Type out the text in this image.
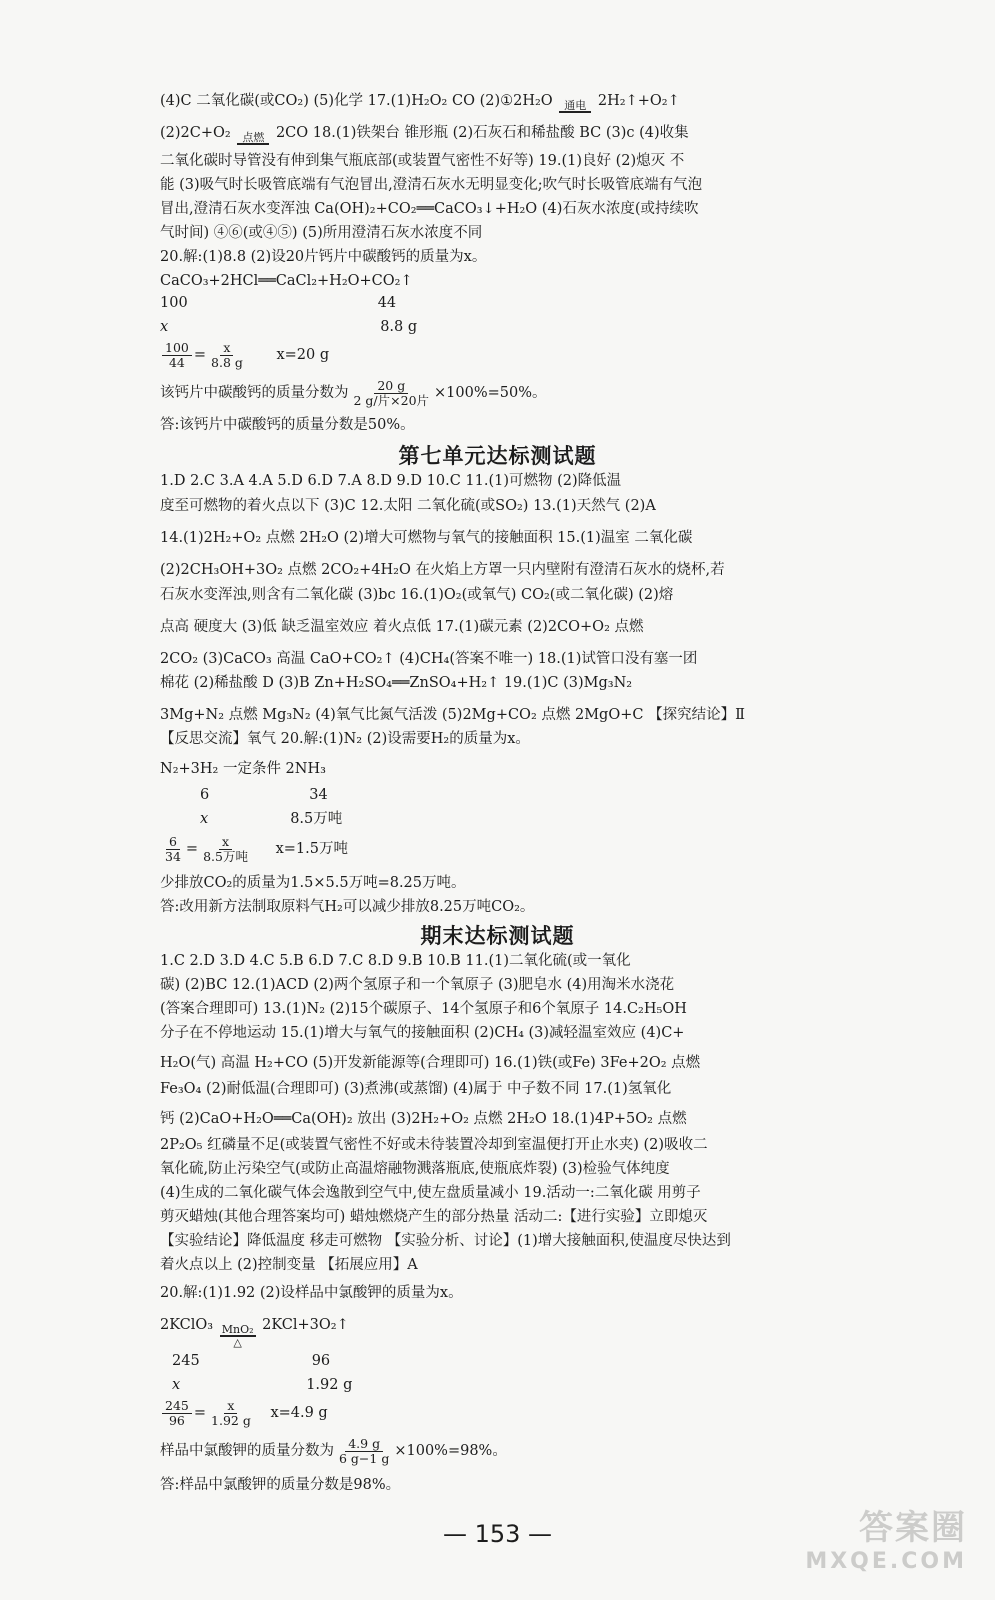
(4)C 二氧化碳(或CO₂) (5)化学 17.(1)H₂O₂ CO (2)①2H₂O 通电 2H₂↑+O₂↑
(2)2C+O₂ 点燃 2CO 18.(1)铁架台 锥形瓶 (2)石灰石和稀盐酸 BC (3)c (4)收集
二氧化碳时导管没有伸到集气瓶底部(或装置气密性不好等) 19.(1)良好 (2)熄灭 不
能 (3)吸气时长吸管底端有气泡冒出,澄清石灰水无明显变化;吹气时长吸管底端有气泡
冒出,澄清石灰水变浑浊 Ca(OH)₂+CO₂══CaCO₃↓+H₂O (4)石灰水浓度(或持续吹
气时间) ④⑥(或④⑤) (5)所用澄清石灰水浓度不同
20.解:(1)8.8 (2)设20片钙片中碳酸钙的质量为x。
CaCO₃+2HCl══CaCl₂+H₂O+CO₂↑
100	44
x	8.8 g
$\frac{100}{44} = \frac{x}{8.8 g} x=20$ g
该钙片中碳酸钙的质量分数为 $\frac{20 g}{\text{2 g/片×20片}} \times 100\%=50\%$。
答:该钙片中碳酸钙的质量分数是50%。
第七单元达标测试题
1.D 2.C 3.A 4.A 5.D 6.D 7.A 8.D 9.D 10.C 11.(1)可燃物 (2)降低温
度至可燃物的着火点以下 (3)C 12.太阳 二氧化硫(或SO₂) 13.(1)天然气 (2)A
14.(1)2H₂+O₂ 点燃 2H₂O (2)增大可燃物与氧气的接触面积 15.(1)温室 二氧化碳
(2)2CH₃OH+3O₂ 点燃 2CO₂+4H₂O 在火焰上方罩一只内壁附有澄清石灰水的烧杯,若
石灰水变浑浊,则含有二氧化碳 (3)bc 16.(1)O₂(或氧气) CO₂(或二氧化碳) (2)熔
点高 硬度大 (3)低 缺乏温室效应 着火点低 17.(1)碳元素 (2)2CO+O₂ 点燃
2CO₂ (3)CaCO₃ 高温 CaO+CO₂↑ (4)CH₄(答案不唯一) 18.(1)试管口没有塞一团
棉花 (2)稀盐酸 D (3)B Zn+H₂SO₄══ZnSO₄+H₂↑ 19.(1)C (3)Mg₃N₂
3Mg+N₂ 点燃 Mg₃N₂ (4)氧气比氮气活泼 (5)2Mg+CO₂ 点燃 2MgO+C 【探究结论】Ⅱ
【反思交流】氧气 20.解:(1)N₂ (2)设需要H₂的质量为x。
N₂+3H₂ 一定条件 2NH₃
6	34
x	8.5万吨
$\frac{6}{34} = \frac{x}{\text{8.5万吨}} x=1.5$万吨
少排放CO₂的质量为1.5×5.5万吨=8.25万吨。
答:改用新方法制取原料气H₂可以减少排放8.25万吨CO₂。
期末达标测试题
1.C 2.D 3.D 4.C 5.B 6.D 7.C 8.D 9.B 10.B 11.(1)二氧化硫(或一氧化
碳) (2)BC 12.(1)ACD (2)两个氢原子和一个氧原子 (3)肥皂水 (4)用淘米水浇花
(答案合理即可) 13.(1)N₂ (2)15个碳原子、14个氢原子和6个氧原子 14.C₂H₅OH
分子在不停地运动 15.(1)增大与氧气的接触面积 (2)CH₄ (3)减轻温室效应 (4)C+
H₂O(气) 高温 H₂+CO (5)开发新能源等(合理即可) 16.(1)铁(或Fe) 3Fe+2O₂ 点燃
Fe₃O₄ (2)耐低温(合理即可) (3)煮沸(或蒸馏) (4)属于 中子数不同 17.(1)氢氧化
钙 (2)CaO+H₂O══Ca(OH)₂ 放出 (3)2H₂+O₂ 点燃 2H₂O 18.(1)4P+5O₂ 点燃
2P₂O₅ 红磷量不足(或装置气密性不好或未待装置冷却到室温便打开止水夹) (2)吸收二
氧化硫,防止污染空气(或防止高温熔融物溅落瓶底,使瓶底炸裂) (3)检验气体纯度
(4)生成的二氧化碳气体会逸散到空气中,使左盘质量减小 19.活动一:二氧化碳 用剪子
剪灭蜡烛(其他合理答案均可) 蜡烛燃烧产生的部分热量 活动二:【进行实验】立即熄灭
【实验结论】降低温度 移走可燃物 【实验分析、讨论】(1)增大接触面积,使温度尽快达到
着火点以上 (2)控制变量 【拓展应用】A
20.解:(1)1.92 (2)设样品中氯酸钾的质量为x。
2KClO₃ MnO₂
△
2KCl+3O₂↑
245	96
x	1.92 g
$\frac{245}{96} = \frac{x}{1.92 g} x=4.9$ g
样品中氯酸钾的质量分数为 $\frac{4.9 g}{6 g-1 g} \times 100\%=98\%$。
答:样品中氯酸钾的质量分数是98%。
— 153 —	答案圈
MXQE.COM
